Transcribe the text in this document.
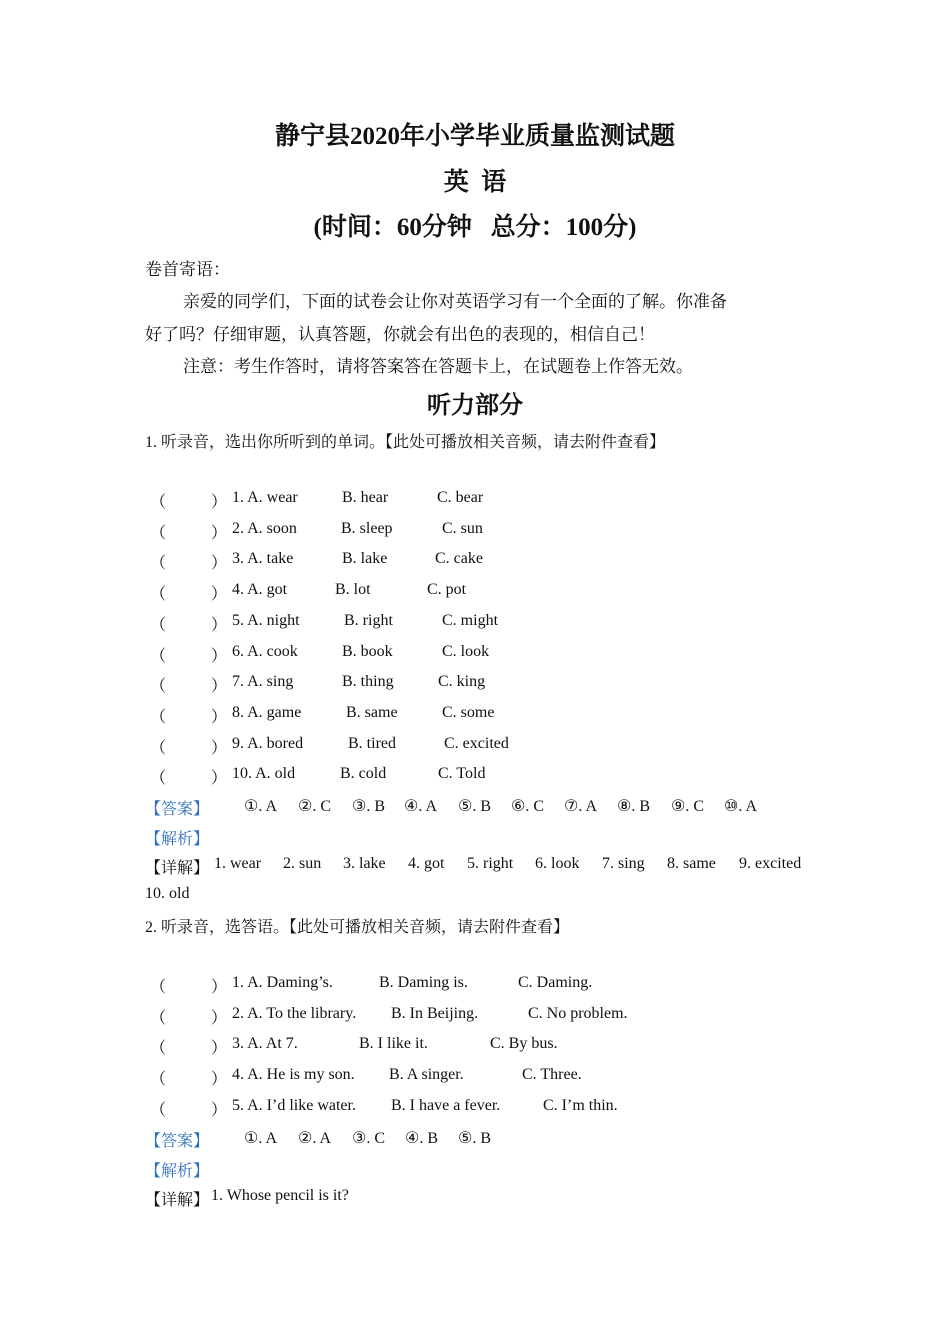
静宁县2020年小学毕业质量监测试题
英  语
(时间：60分钟   总分：100分)
卷首寄语：
亲爱的同学们，下面的试卷会让你对英语学习有一个全面的了解。你准备
好了吗？仔细审题，认真答题，你就会有出色的表现的，相信自己！
注意：考生作答时，请将答案答在答题卡上，在试题卷上作答无效。
听力部分
1. 听录音，选出你所听到的单词。【此处可播放相关音频，请去附件查看】
（	） 1. A. wear	B. hear	C. bear
（	） 2. A. soon	B. sleep	C. sun
（	） 3. A. take	B. lake	C. cake
（	） 4. A. got	B. lot	C. pot
（	） 5. A. night	B. right	C. might
（	） 6. A. cook	B. book	C. look
（	） 7. A. sing	B. thing	C. king
（	） 8. A. game	B. same	C. some
（	） 9. A. bored	B. tired	C. excited
（	） 10. A. old	B. cold	C. Told
【答案】 ①. A ②. C ③. B ④. A ⑤. B ⑥. C ⑦. A ⑧. B ⑨. C ⑩. A
【解析】
【详解】 1. wear 2. sun 3. lake 4. got 5. right 6. look 7. sing 8. same 9. excited
10. old
2. 听录音，选答语。【此处可播放相关音频，请去附件查看】
（	） 1. A. Daming’s.	B. Daming is.	C. Daming.
（	） 2. A. To the library. B. In Beijing.	C. No problem.
（	） 3. A. At 7.	B. I like it.	C. By bus.
（	） 4. A. He is my son. B. A singer.	C. Three.
（	） 5. A. I’d like water. B. I have a fever.	C. I’m thin.
【答案】 ①. A ②. A ③. C ④. B ⑤. B
【解析】
【详解】 1. Whose pencil is it?
